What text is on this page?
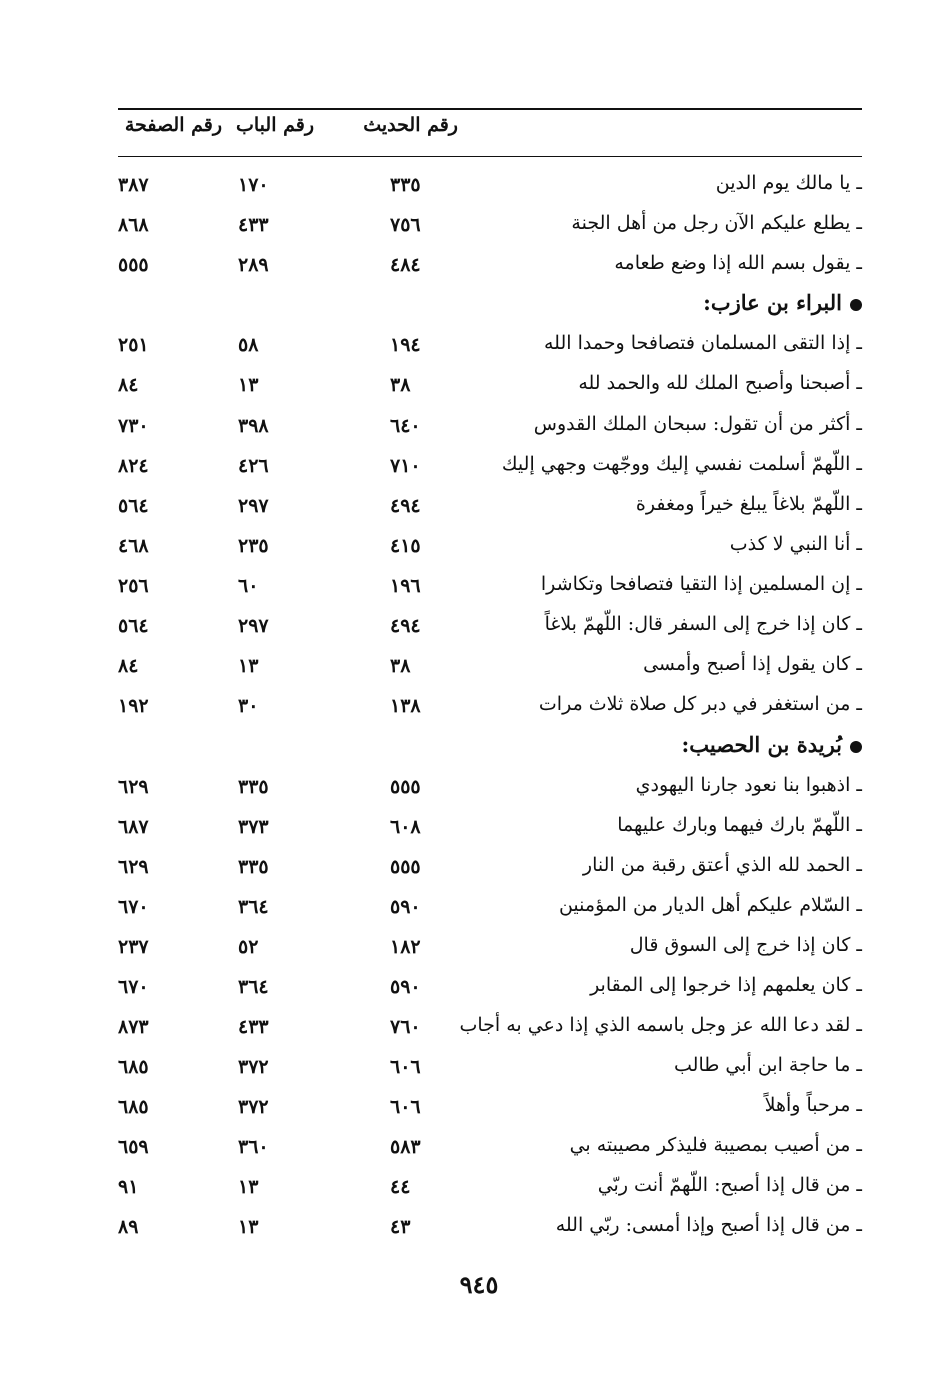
رقم الحديث
رقم الباب
رقم الصفحة
ـ يا مالك يوم الدين
٣٣٥
١٧٠
٣٨٧
ـ يطلع عليكم الآن رجل من أهل الجنة
٧٥٦
٤٣٣
٨٦٨
ـ يقول بسم الله إذا وضع طعامه
٤٨٤
٢٨٩
٥٥٥
البراء بن عازب:
ـ إذا التقى المسلمان فتصافحا وحمدا الله
١٩٤
٥٨
٢٥١
ـ أصبحنا وأصبح الملك لله والحمد لله
٣٨
١٣
٨٤
ـ أكثر من أن تقول: سبحان الملك القدوس
٦٤٠
٣٩٨
٧٣٠
ـ اللّهمّ أسلمت نفسي إليك ووجّهت وجهي إليك
٧١٠
٤٢٦
٨٢٤
ـ اللّهمّ بلاغاً يبلغ خيراً ومغفرة
٤٩٤
٢٩٧
٥٦٤
ـ أنا النبي لا كذب
٤١٥
٢٣٥
٤٦٨
ـ إن المسلمين إذا التقيا فتصافحا وتكاشرا
١٩٦
٦٠
٢٥٦
ـ كان إذا خرج إلى السفر قال: اللّهمّ بلاغاً
٤٩٤
٢٩٧
٥٦٤
ـ كان يقول إذا أصبح وأمسى
٣٨
١٣
٨٤
ـ من استغفر في دبر كل صلاة ثلاث مرات
١٣٨
٣٠
١٩٢
بُريدة بن الحصيب:
ـ اذهبوا بنا نعود جارنا اليهودي
٥٥٥
٣٣٥
٦٢٩
ـ اللّهمّ بارك فيهما وبارك عليهما
٦٠٨
٣٧٣
٦٨٧
ـ الحمد لله الذي أعتق رقبة من النار
٥٥٥
٣٣٥
٦٢٩
ـ السّلام عليكم أهل الديار من المؤمنين
٥٩٠
٣٦٤
٦٧٠
ـ كان إذا خرج إلى السوق قال
١٨٢
٥٢
٢٣٧
ـ كان يعلمهم إذا خرجوا إلى المقابر
٥٩٠
٣٦٤
٦٧٠
ـ لقد دعا الله عز وجل باسمه الذي إذا دعي به أجاب
٧٦٠
٤٣٣
٨٧٣
ـ ما حاجة ابن أبي طالب
٦٠٦
٣٧٢
٦٨٥
ـ مرحباً وأهلاً
٦٠٦
٣٧٢
٦٨٥
ـ من أصيب بمصيبة فليذكر مصيبته بي
٥٨٣
٣٦٠
٦٥٩
ـ من قال إذا أصبح: اللّهمّ أنت ربّي
٤٤
١٣
٩١
ـ من قال إذا أصبح وإذا أمسى: ربّي الله
٤٣
١٣
٨٩
٩٤٥
